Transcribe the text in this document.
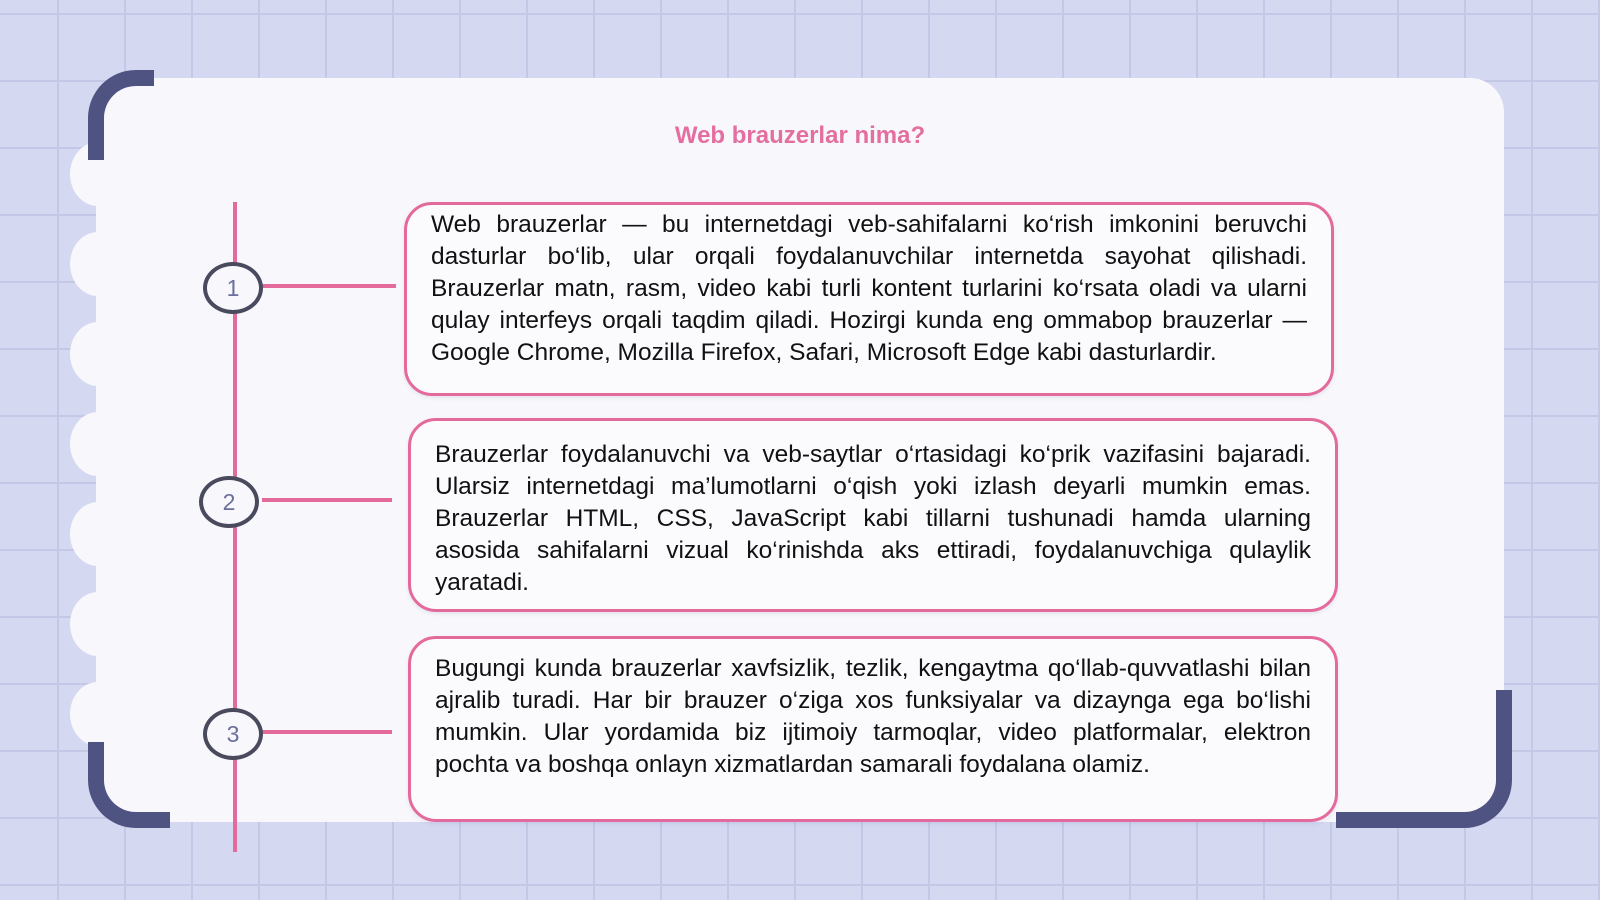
Web brauzerlar nima?
1
2
3
Web brauzerlar — bu internetdagi veb-sahifalarni ko‘rish imkonini beruvchi dasturlar bo‘lib, ular orqali foydalanuvchilar internetda sayohat qilishadi. Brauzerlar matn, rasm, video kabi turli kontent turlarini ko‘rsata oladi va ularni qulay interfeys orqali taqdim qiladi. Hozirgi kunda eng ommabop brauzerlar — Google Chrome, Mozilla Firefox, Safari, Microsoft Edge kabi dasturlardir.
Brauzerlar foydalanuvchi va veb-saytlar o‘rtasidagi ko‘prik vazifasini bajaradi. Ularsiz internetdagi ma’lumotlarni o‘qish yoki izlash deyarli mumkin emas. Brauzerlar HTML, CSS, JavaScript kabi tillarni tushunadi hamda ularning asosida sahifalarni vizual ko‘rinishda aks ettiradi, foydalanuvchiga qulaylik yaratadi.
Bugungi kunda brauzerlar xavfsizlik, tezlik, kengaytma qo‘llab-quvvatlashi bilan ajralib turadi. Har bir brauzer o‘ziga xos funksiyalar va dizaynga ega bo‘lishi mumkin. Ular yordamida biz ijtimoiy tarmoqlar, video platformalar, elektron pochta va boshqa onlayn xizmatlardan samarali foydalana olamiz.
